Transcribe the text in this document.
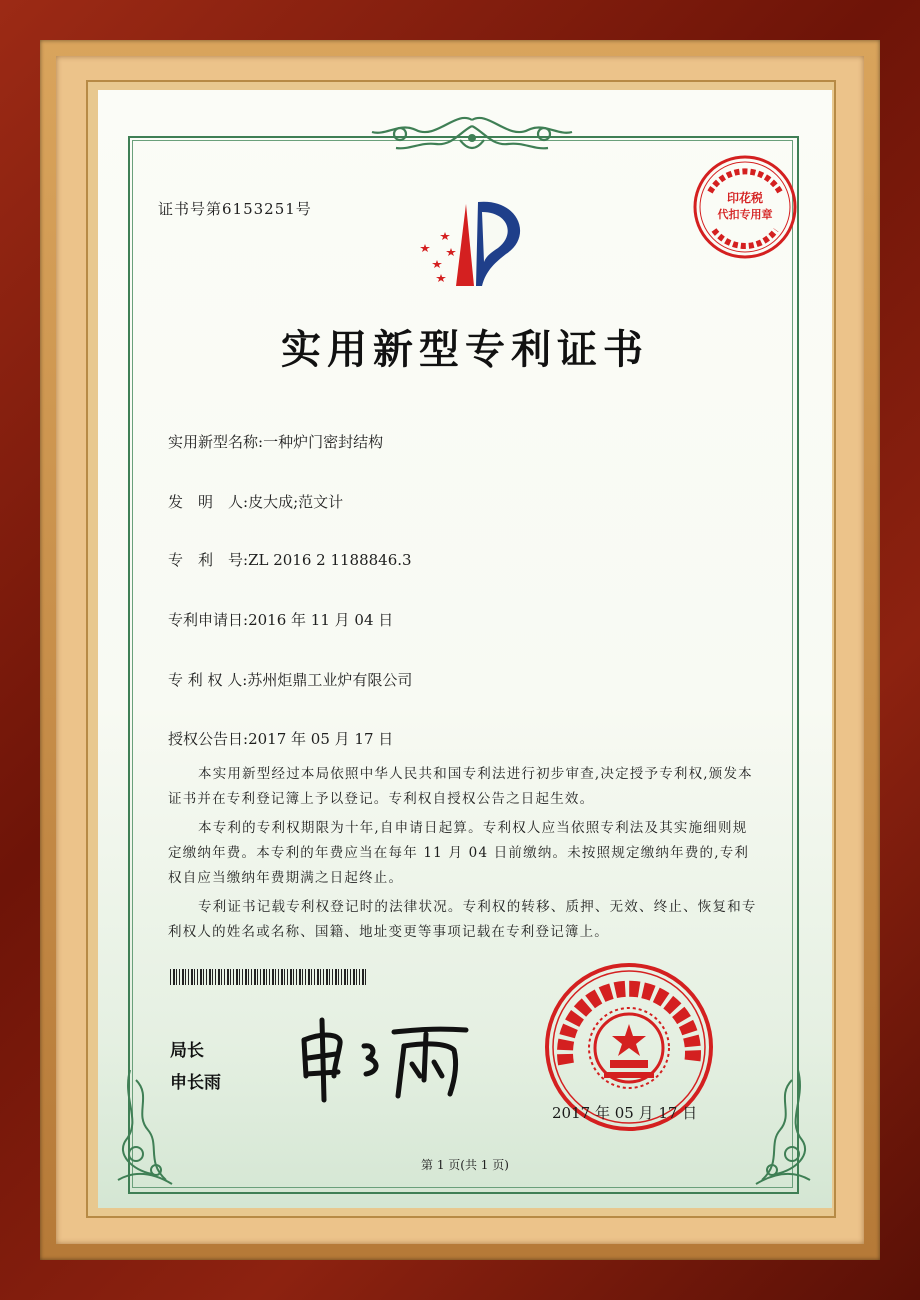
证书号第6153251号
印花税
代扣专用章
实用新型专利证书
实用新型名称:一种炉门密封结构
发　明　人:皮大成;范文计
专　利　号:ZL 2016 2 1188846.3
专利申请日:2016 年 11 月 04 日
专 利 权 人:苏州炬鼎工业炉有限公司
授权公告日:2017 年 05 月 17 日

本实用新型经过本局依照中华人民共和国专利法进行初步审查,决定授予专利权,颁发本证书并在专利登记簿上予以登记。专利权自授权公告之日起生效。

本专利的专利权期限为十年,自申请日起算。专利权人应当依照专利法及其实施细则规定缴纳年费。本专利的年费应当在每年 11 月 04 日前缴纳。未按照规定缴纳年费的,专利权自应当缴纳年费期满之日起终止。

专利证书记载专利权登记时的法律状况。专利权的转移、质押、无效、终止、恢复和专利权人的姓名或名称、国籍、地址变更等事项记载在专利登记簿上。

局长
申长雨
2017 年 05 月 17 日
第 1 页(共 1 页)
